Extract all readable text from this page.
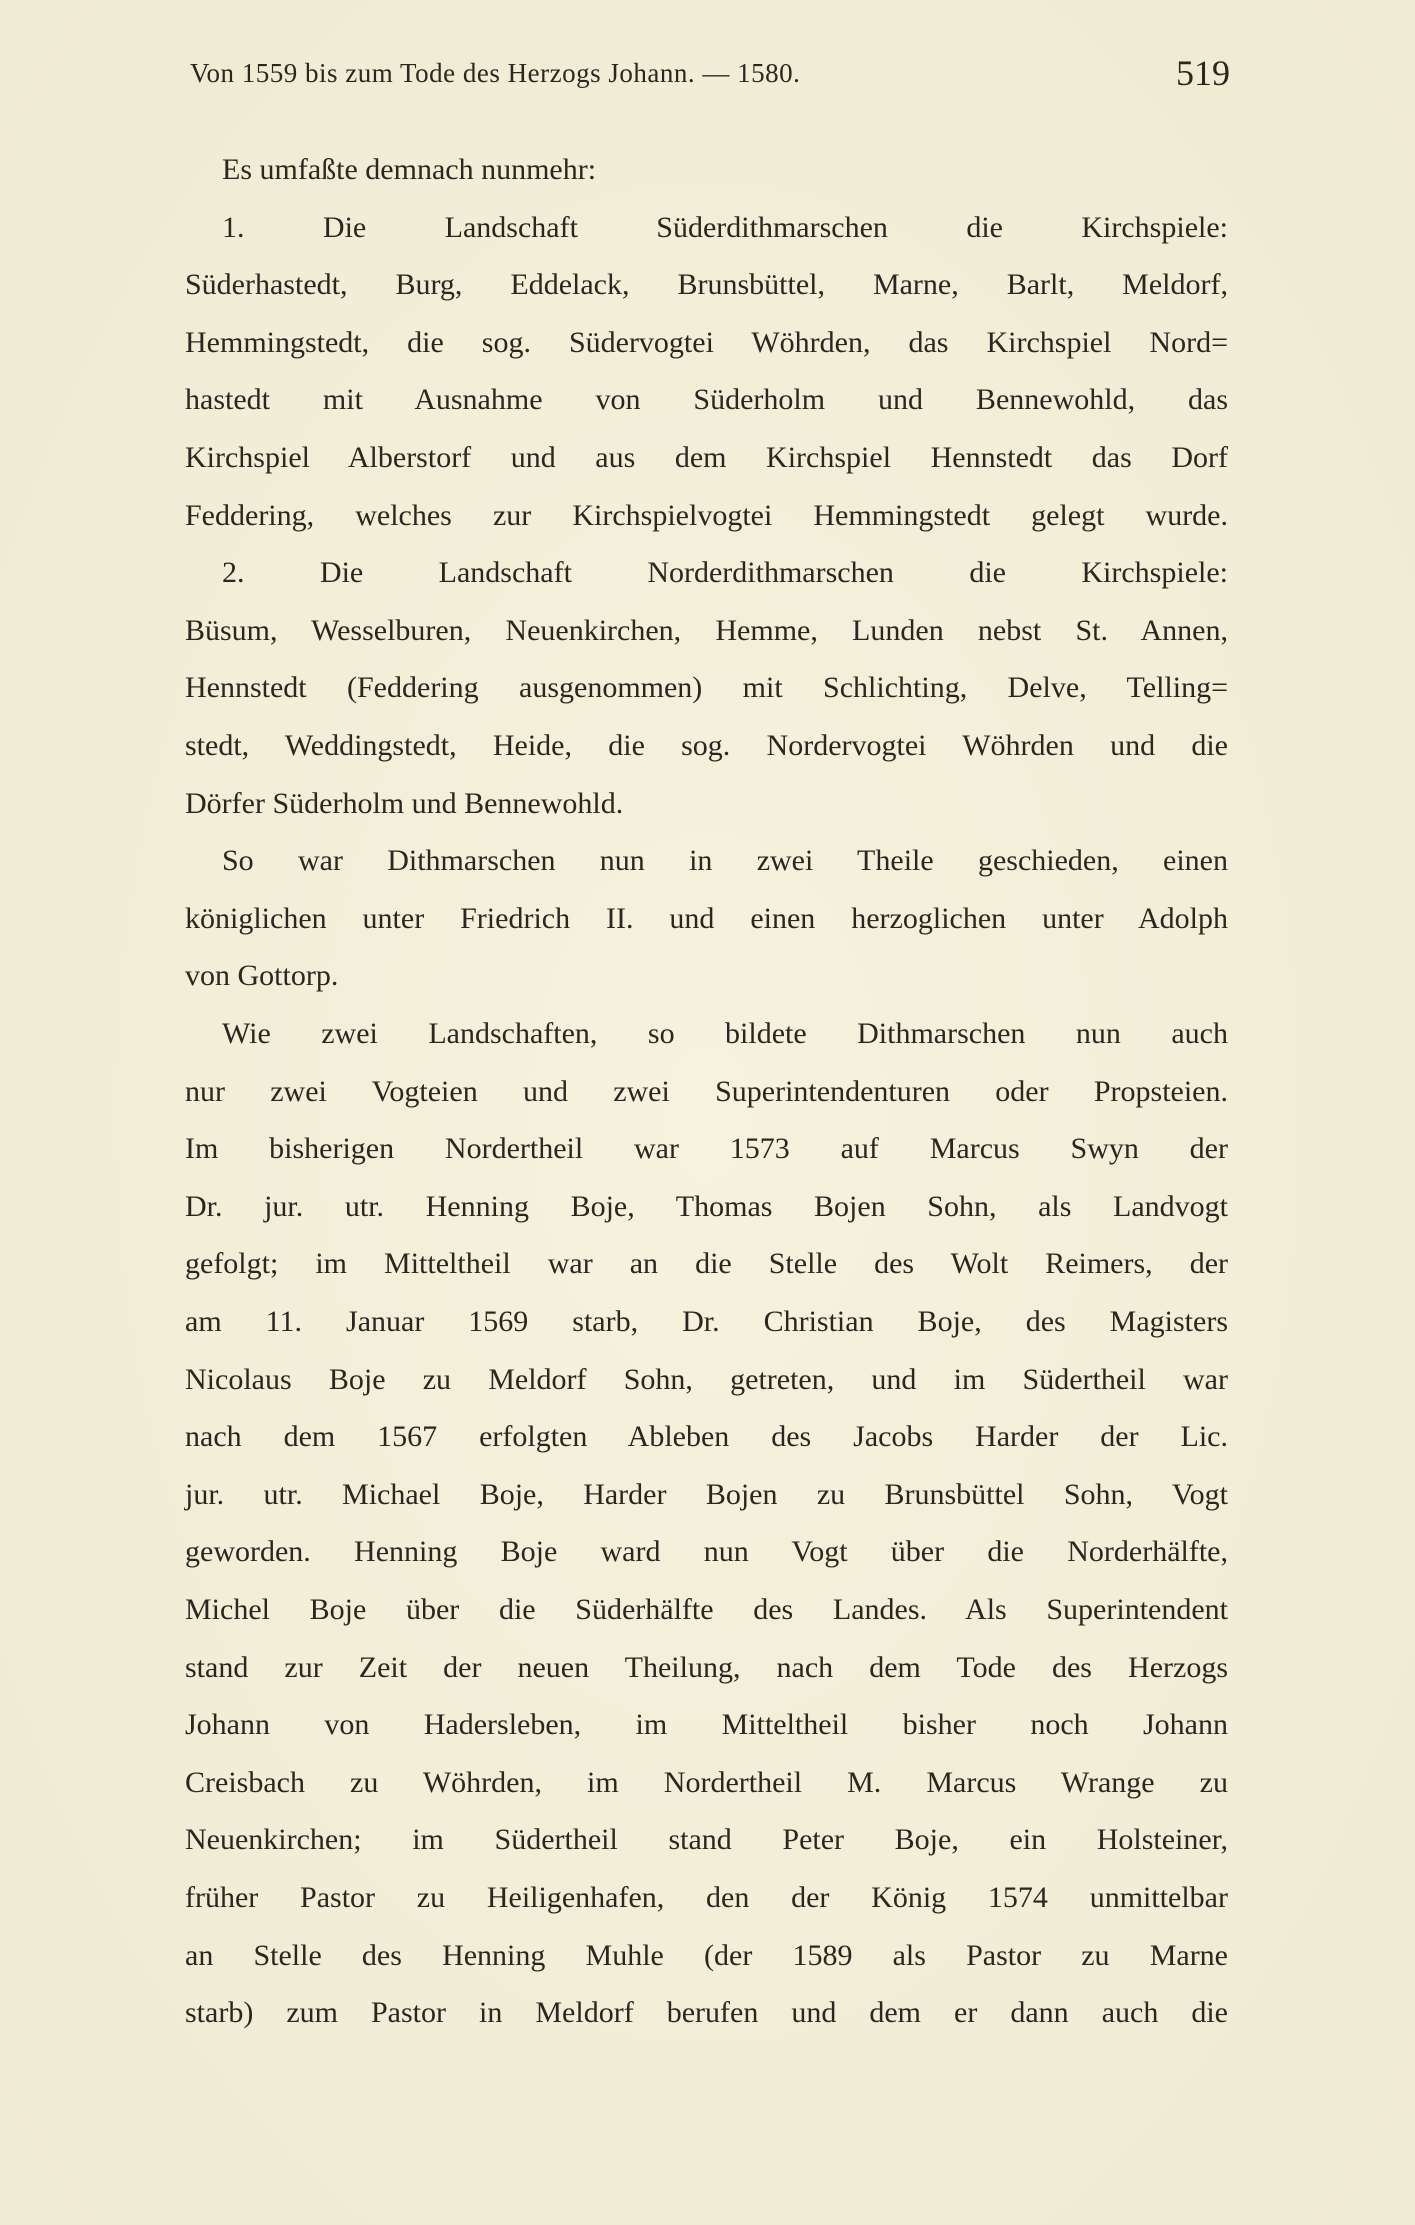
Von 1559 bis zum Tode des Herzogs Johann. — 1580.	519
Es umfaßte demnach nunmehr:
1. Die Landschaft Süderdithmarschen die Kirchspiele:
Süderhastedt, Burg, Eddelack, Brunsbüttel, Marne, Barlt, Meldorf,
Hemmingstedt, die sog. Südervogtei Wöhrden, das Kirchspiel Nord=
hastedt mit Ausnahme von Süderholm und Bennewohld, das
Kirchspiel Alberstorf und aus dem Kirchspiel Hennstedt das Dorf
Feddering, welches zur Kirchspielvogtei Hemmingstedt gelegt wurde.
2. Die Landschaft Norderdithmarschen die Kirchspiele:
Büsum, Wesselburen, Neuenkirchen, Hemme, Lunden nebst St. Annen,
Hennstedt (Feddering ausgenommen) mit Schlichting, Delve, Telling=
stedt, Weddingstedt, Heide, die sog. Nordervogtei Wöhrden und die
Dörfer Süderholm und Bennewohld.
So war Dithmarschen nun in zwei Theile geschieden, einen
königlichen unter Friedrich II. und einen herzoglichen unter Adolph
von Gottorp.
Wie zwei Landschaften, so bildete Dithmarschen nun auch
nur zwei Vogteien und zwei Superintendenturen oder Propsteien.
Im bisherigen Nordertheil war 1573 auf Marcus Swyn der
Dr. jur. utr. Henning Boje, Thomas Bojen Sohn, als Landvogt
gefolgt; im Mitteltheil war an die Stelle des Wolt Reimers, der
am 11. Januar 1569 starb, Dr. Christian Boje, des Magisters
Nicolaus Boje zu Meldorf Sohn, getreten, und im Südertheil war
nach dem 1567 erfolgten Ableben des Jacobs Harder der Lic.
jur. utr. Michael Boje, Harder Bojen zu Brunsbüttel Sohn, Vogt
geworden. Henning Boje ward nun Vogt über die Norderhälfte,
Michel Boje über die Süderhälfte des Landes. Als Superintendent
stand zur Zeit der neuen Theilung, nach dem Tode des Herzogs
Johann von Hadersleben, im Mitteltheil bisher noch Johann
Creisbach zu Wöhrden, im Nordertheil M. Marcus Wrange zu
Neuenkirchen; im Südertheil stand Peter Boje, ein Holsteiner,
früher Pastor zu Heiligenhafen, den der König 1574 unmittelbar
an Stelle des Henning Muhle (der 1589 als Pastor zu Marne
starb) zum Pastor in Meldorf berufen und dem er dann auch die
